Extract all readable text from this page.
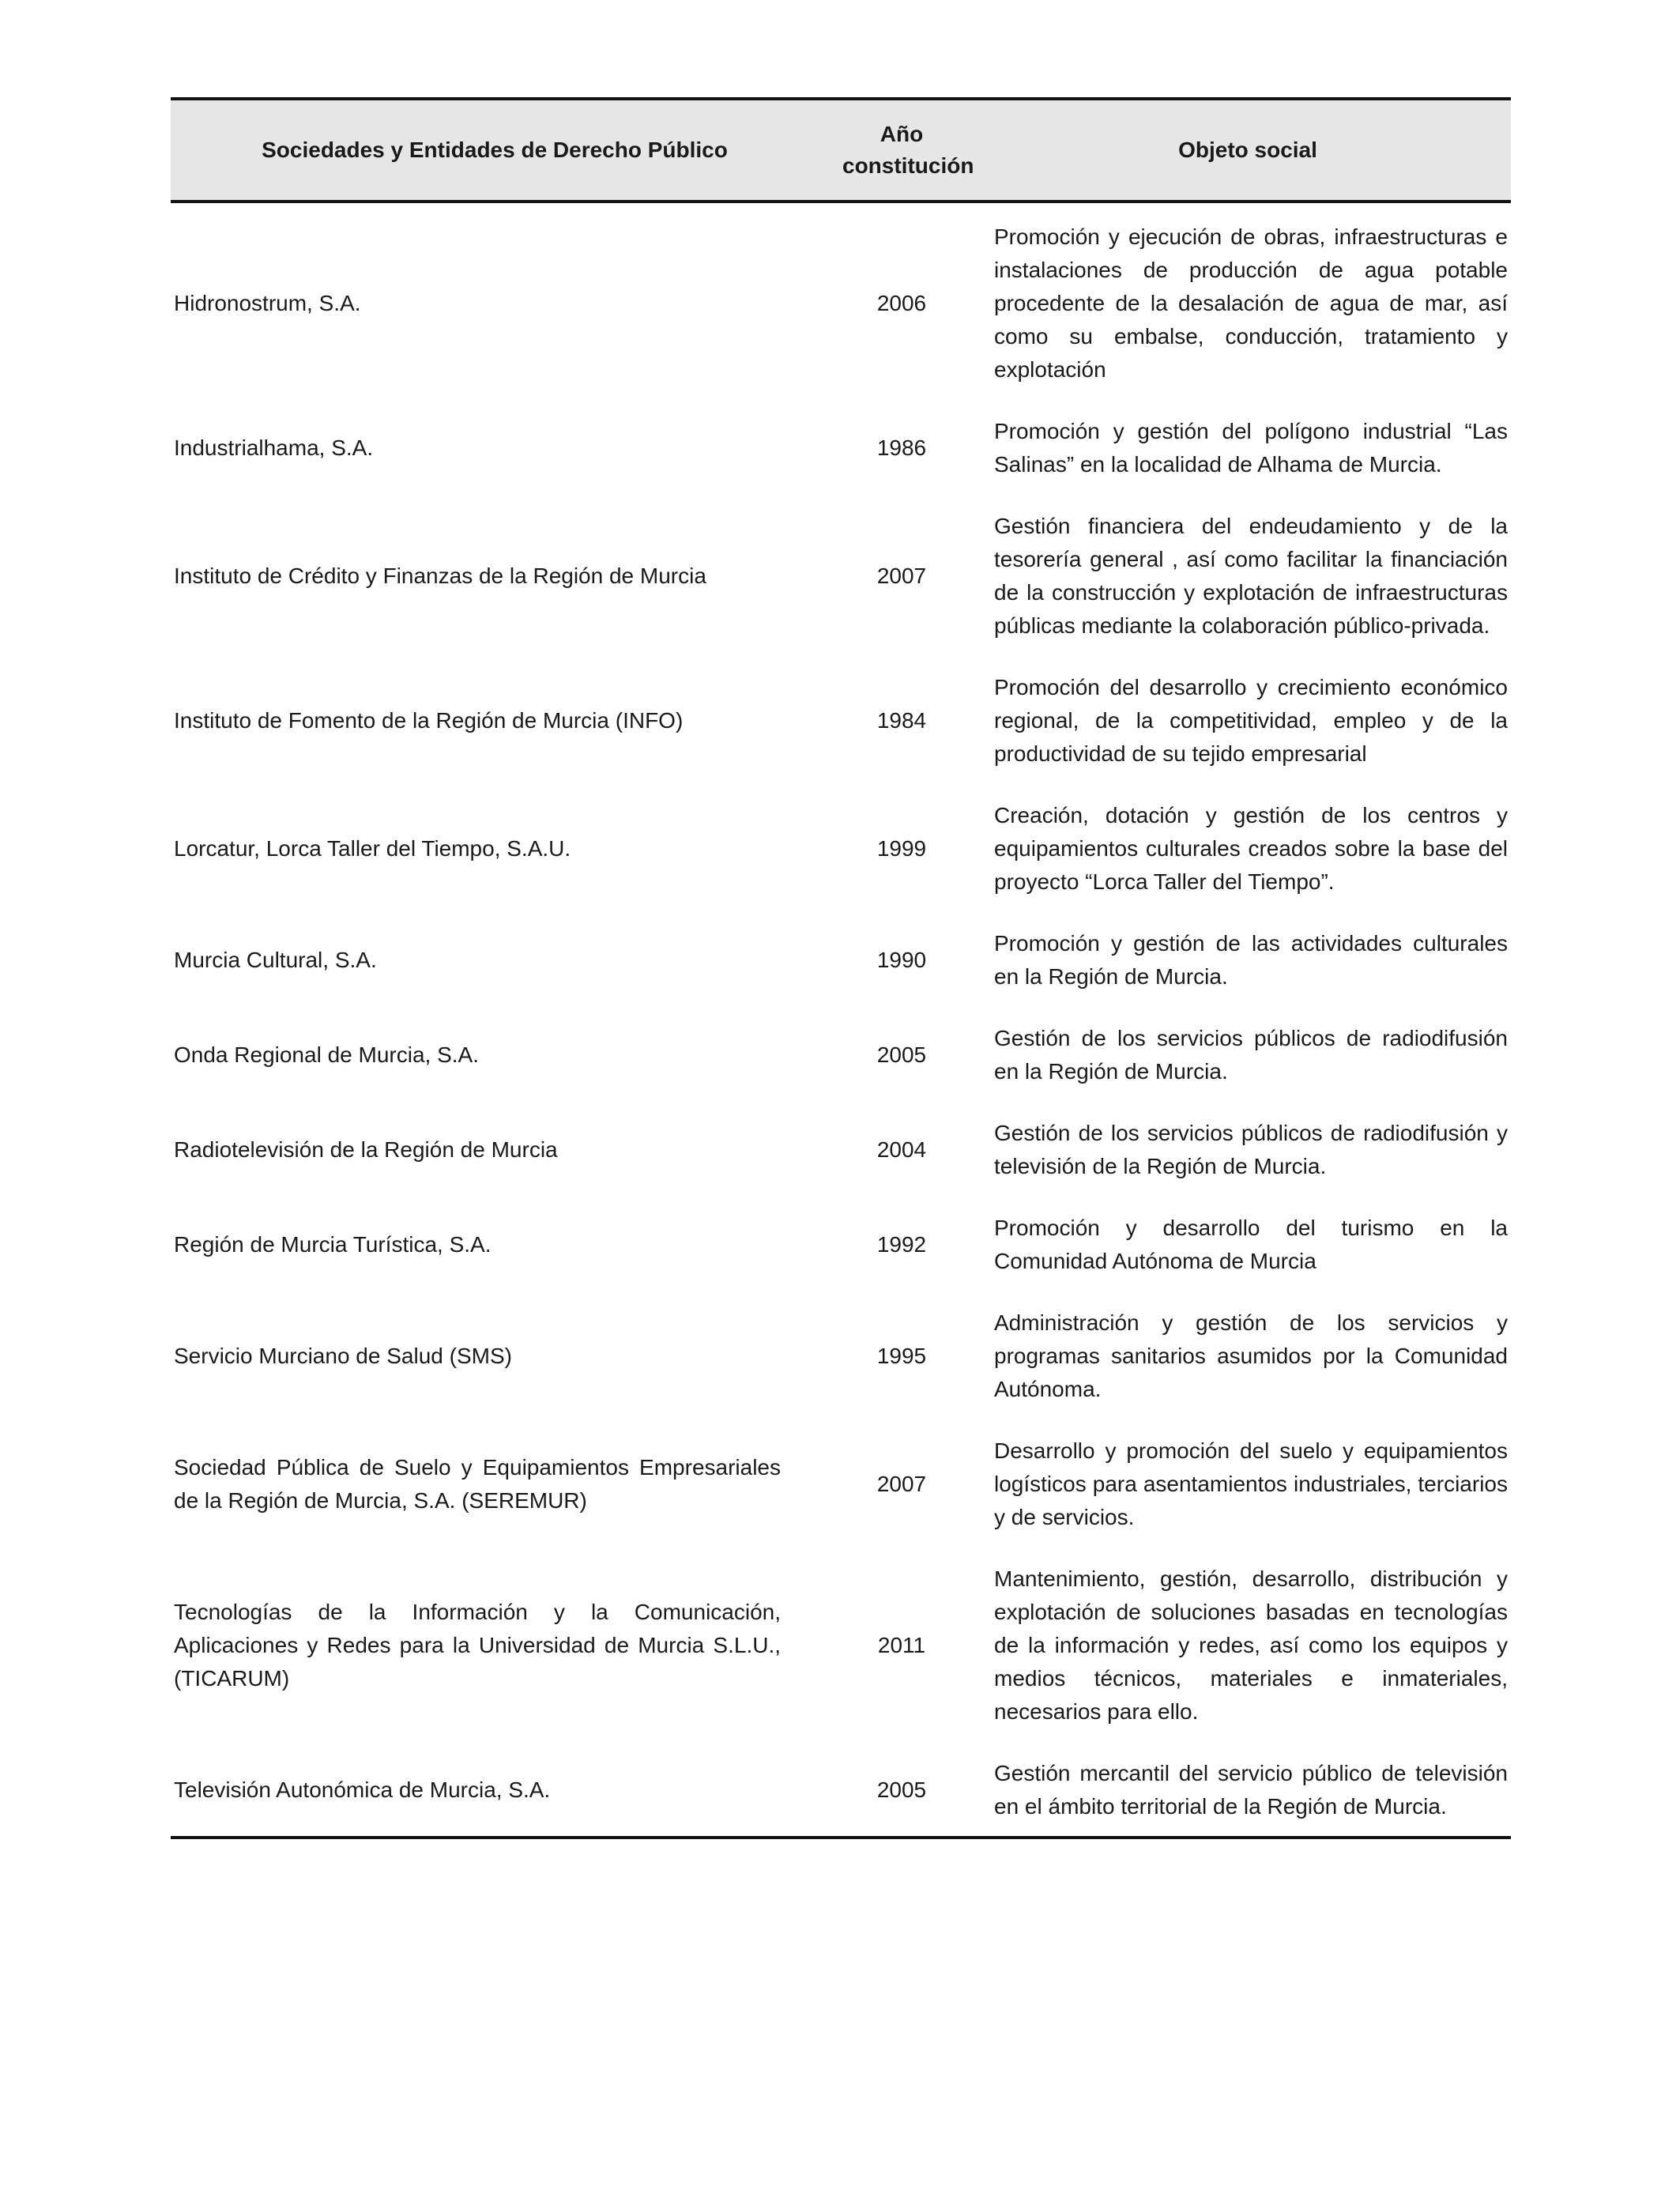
Sociedades y Entidades de Derecho Público	Año constitución	Objeto social
Hidronostrum, S.A.	2006	Promoción y ejecución de obras, infraestructuras e instalaciones de producción de agua potable procedente de la desalación de agua de mar, así como su embalse, conducción, tratamiento y explotación
Industrialhama, S.A.	1986	Promoción y gestión del polígono industrial “Las Salinas” en la localidad de Alhama de Murcia.
Instituto de Crédito y Finanzas de la Región de Murcia	2007	Gestión financiera del endeudamiento y de la tesorería general , así como facilitar la financiación de la construcción y explotación de infraestructuras públicas mediante la colaboración público-privada.
Instituto de Fomento de la Región de Murcia (INFO)	1984	Promoción del desarrollo y crecimiento económico regional, de la competitividad, empleo y de la productividad de su tejido empresarial
Lorcatur, Lorca Taller del Tiempo, S.A.U.	1999	Creación, dotación y gestión de los centros y equipamientos culturales creados sobre la base del proyecto “Lorca Taller del Tiempo”.
Murcia Cultural, S.A.	1990	Promoción y gestión de las actividades culturales en la Región de Murcia.
Onda Regional de Murcia, S.A.	2005	Gestión de los servicios públicos de radiodifusión en la Región de Murcia.
Radiotelevisión de la Región de Murcia	2004	Gestión de los servicios públicos de radiodifusión y televisión de la Región de Murcia.
Región de Murcia Turística, S.A.	1992	Promoción y desarrollo del turismo en la Comunidad Autónoma de Murcia
Servicio Murciano de Salud (SMS)	1995	Administración y gestión de los servicios y programas sanitarios asumidos por la Comunidad Autónoma.
Sociedad Pública de Suelo y Equipamientos Empresariales de la Región de Murcia, S.A. (SEREMUR)	2007	Desarrollo y promoción del suelo y equipamientos logísticos para asentamientos industriales, terciarios y de servicios.
Tecnologías de la Información y la Comunicación, Aplicaciones y Redes para la Universidad de Murcia S.L.U., (TICARUM)	2011	Mantenimiento, gestión, desarrollo, distribución y explotación de soluciones basadas en tecnologías de la información y redes, así como los equipos y medios técnicos, materiales e inmateriales, necesarios para ello.
Televisión Autonómica de Murcia, S.A.	2005	Gestión mercantil del servicio público de televisión en el ámbito territorial de la Región de Murcia.
